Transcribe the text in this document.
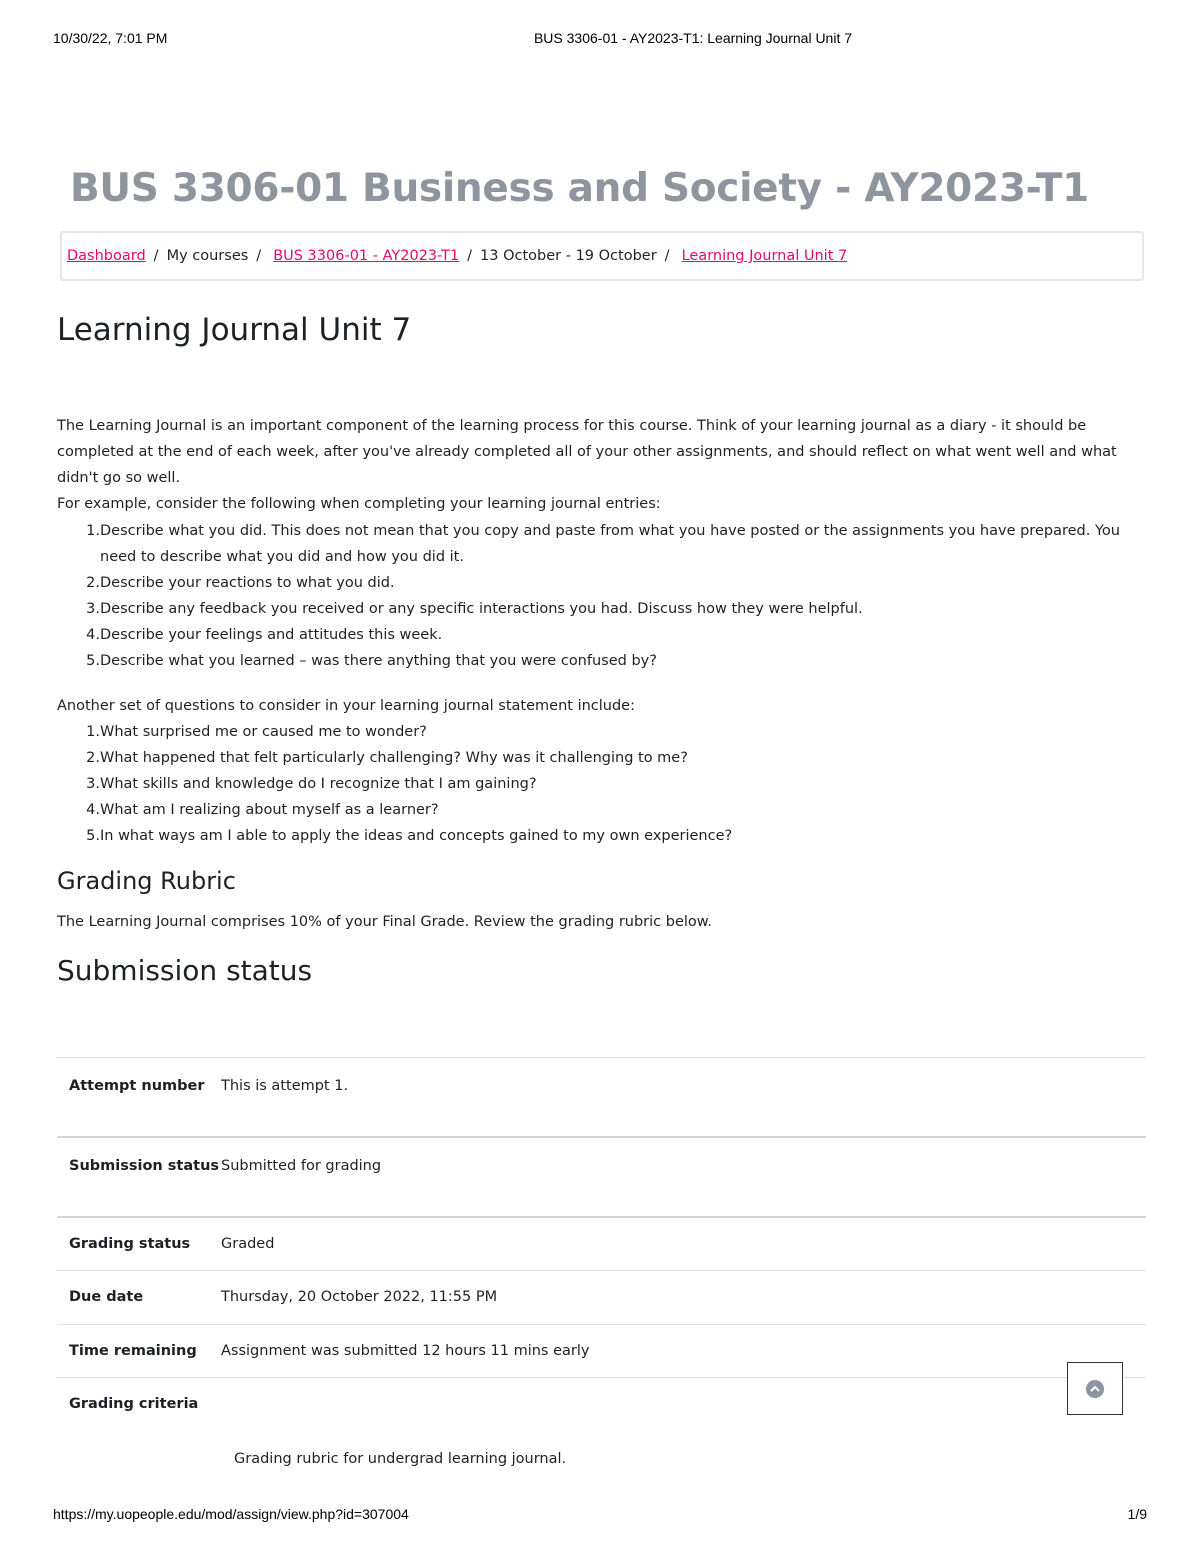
10/30/22, 7:01 PM	BUS 3306-01 - AY2023-T1: Learning Journal Unit 7
BUS 3306-01 Business and Society - AY2023-T1
Dashboard / My courses / BUS 3306-01 - AY2023-T1 / 13 October - 19 October / Learning Journal Unit 7
Learning Journal Unit 7

The Learning Journal is an important component of the learning process for this course. Think of your learning journal as a diary - it should be completed at the end of each week, after you've already completed all of your other assignments, and should reflect on what went well and what didn't go so well.
For example, consider the following when completing your learning journal entries:

1. Describe what you did. This does not mean that you copy and paste from what you have posted or the assignments you have prepared. You need to describe what you did and how you did it.
2. Describe your reactions to what you did.
3. Describe any feedback you received or any specific interactions you had. Discuss how they were helpful.
4. Describe your feelings and attitudes this week.
5. Describe what you learned – was there anything that you were confused by?

Another set of questions to consider in your learning journal statement include:

1. What surprised me or caused me to wonder?
2. What happened that felt particularly challenging? Why was it challenging to me?
3. What skills and knowledge do I recognize that I am gaining?
4. What am I realizing about myself as a learner?
5. In what ways am I able to apply the ideas and concepts gained to my own experience?
Grading Rubric

The Learning Journal comprises 10% of your Final Grade. Review the grading rubric below.

Submission status
Attempt number	This is attempt 1.
Submission status Submitted for grading
Grading status	Graded
Due date	Thursday, 20 October 2022, 11:55 PM
Time remaining	Assignment was submitted 12 hours 11 mins early
Grading criteria

Grading rubric for undergrad learning journal.

https://my.uopeople.edu/mod/assign/view.php?id=307004	1/9
